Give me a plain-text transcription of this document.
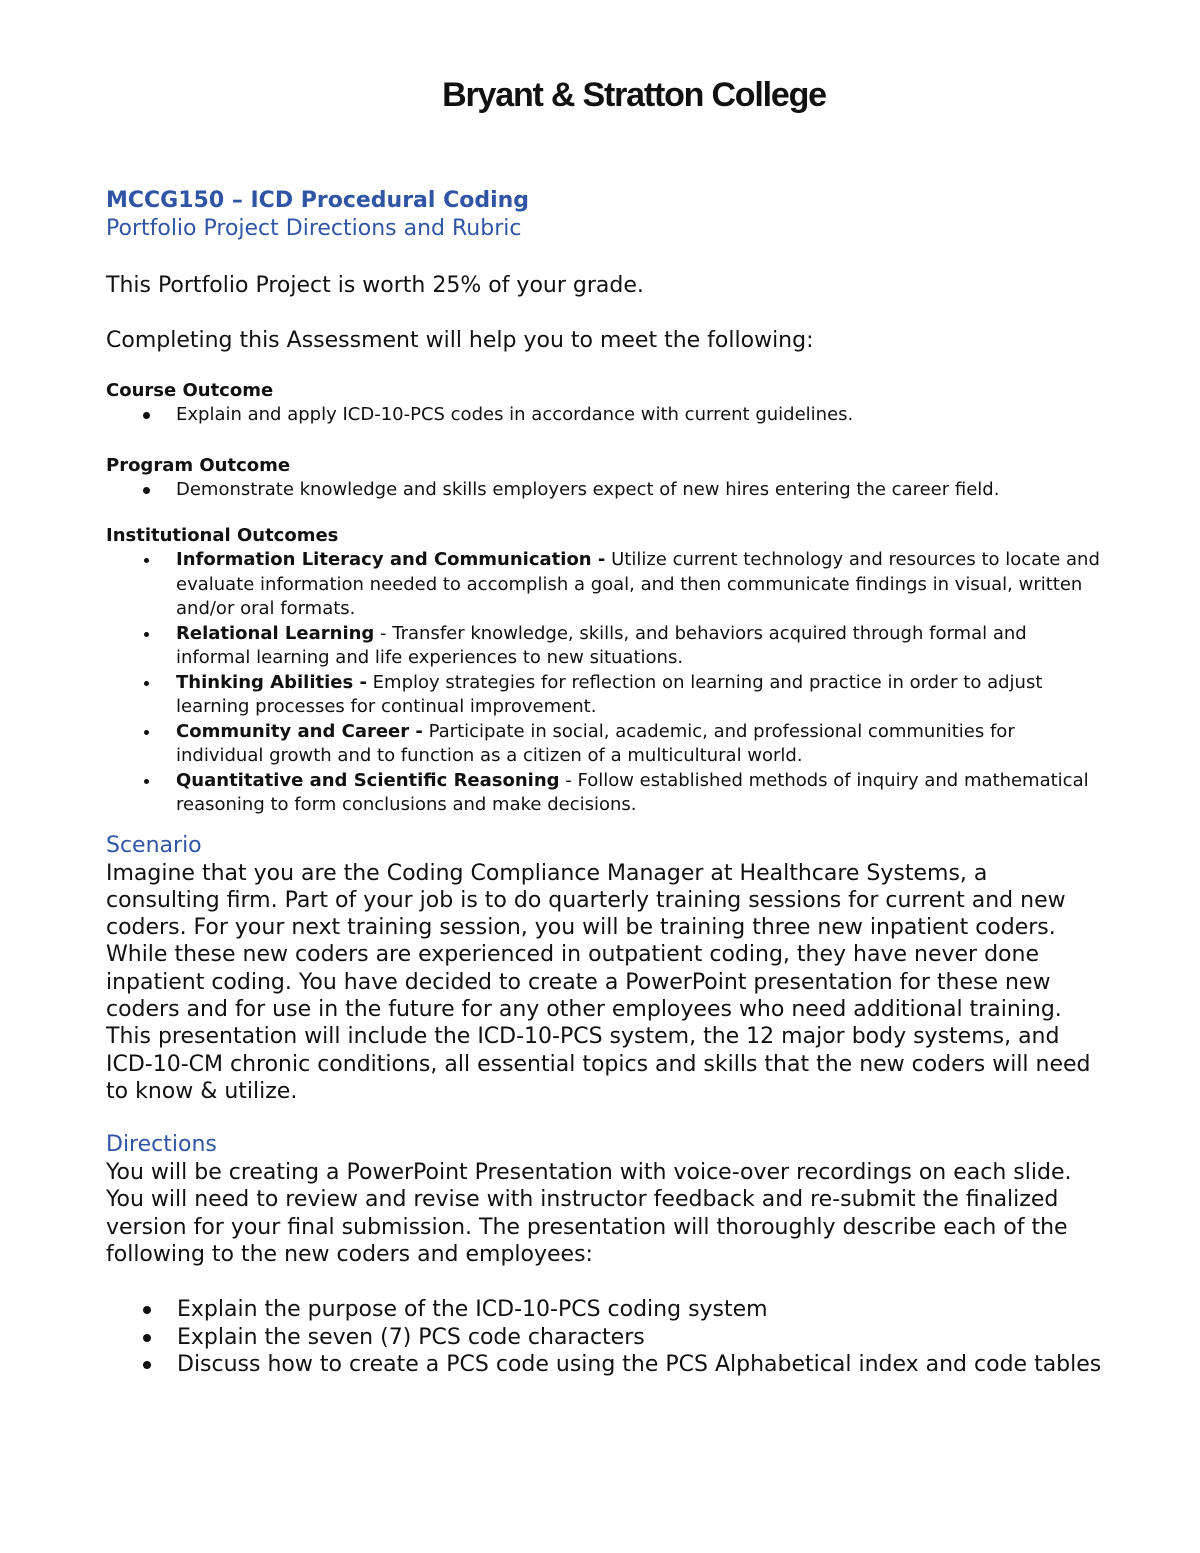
Bryant & Stratton College

MCCG150 – ICD Procedural Coding

Portfolio Project Directions and Rubric

This Portfolio Project is worth 25% of your grade.

Completing this Assessment will help you to meet the following:

Course Outcome

Explain and apply ICD-10-PCS codes in accordance with current guidelines.

Program Outcome

Demonstrate knowledge and skills employers expect of new hires entering the career field.

Institutional Outcomes

Information Literacy and Communication - Utilize current technology and resources to locate and evaluate information needed to accomplish a goal, and then communicate findings in visual, written and/or oral formats.
Relational Learning - Transfer knowledge, skills, and behaviors acquired through formal and informal learning and life experiences to new situations.
Thinking Abilities - Employ strategies for reflection on learning and practice in order to adjust learning processes for continual improvement.
Community and Career - Participate in social, academic, and professional communities for individual growth and to function as a citizen of a multicultural world.
Quantitative and Scientific Reasoning - Follow established methods of inquiry and mathematical reasoning to form conclusions and make decisions.

Scenario

Imagine that you are the Coding Compliance Manager at Healthcare Systems, a consulting firm. Part of your job is to do quarterly training sessions for current and new coders. For your next training session, you will be training three new inpatient coders. While these new coders are experienced in outpatient coding, they have never done inpatient coding. You have decided to create a PowerPoint presentation for these new coders and for use in the future for any other employees who need additional training. This presentation will include the ICD-10-PCS system, the 12 major body systems, and ICD-10-CM chronic conditions, all essential topics and skills that the new coders will need to know & utilize.

Directions

You will be creating a PowerPoint Presentation with voice-over recordings on each slide. You will need to review and revise with instructor feedback and re-submit the finalized version for your final submission. The presentation will thoroughly describe each of the following to the new coders and employees:

Explain the purpose of the ICD-10-PCS coding system
Explain the seven (7) PCS code characters
Discuss how to create a PCS code using the PCS Alphabetical index and code tables
